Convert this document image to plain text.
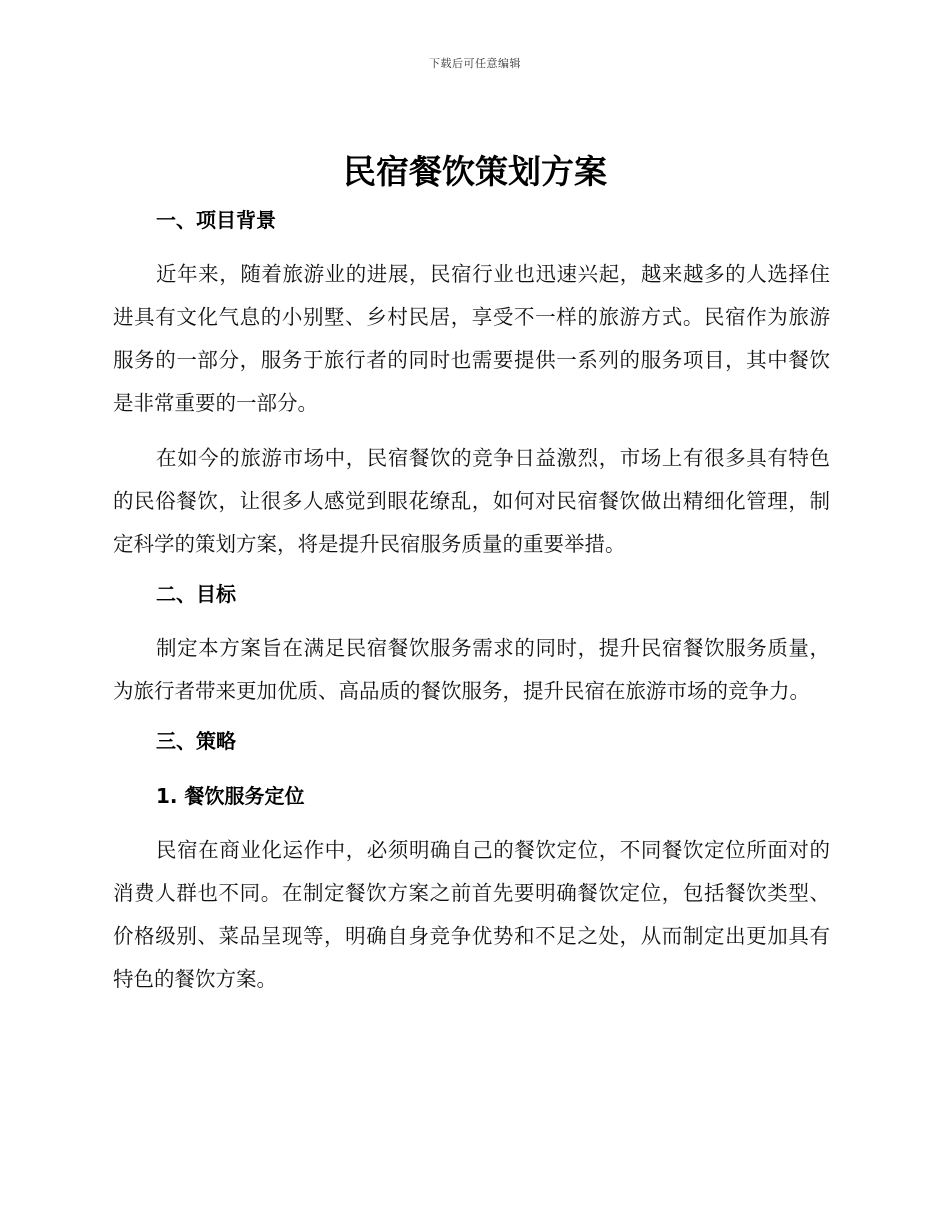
下载后可任意编辑
民宿餐饮策划方案
一、项目背景

近年来，随着旅游业的进展，民宿行业也迅速兴起，越来越多的人选择住进具有文化气息的小别墅、乡村民居，享受不一样的旅游方式。民宿作为旅游服务的一部分，服务于旅行者的同时也需要提供一系列的服务项目，其中餐饮是非常重要的一部分。

在如今的旅游市场中，民宿餐饮的竞争日益激烈，市场上有很多具有特色的民俗餐饮，让很多人感觉到眼花缭乱，如何对民宿餐饮做出精细化管理，制定科学的策划方案，将是提升民宿服务质量的重要举措。

二、目标

制定本方案旨在满足民宿餐饮服务需求的同时，提升民宿餐饮服务质量，为旅行者带来更加优质、高品质的餐饮服务，提升民宿在旅游市场的竞争力。

三、策略
1. 餐饮服务定位

民宿在商业化运作中，必须明确自己的餐饮定位，不同餐饮定位所面对的消费人群也不同。在制定餐饮方案之前首先要明确餐饮定位，包括餐饮类型、价格级别、菜品呈现等，明确自身竞争优势和不足之处，从而制定出更加具有特色的餐饮方案。
